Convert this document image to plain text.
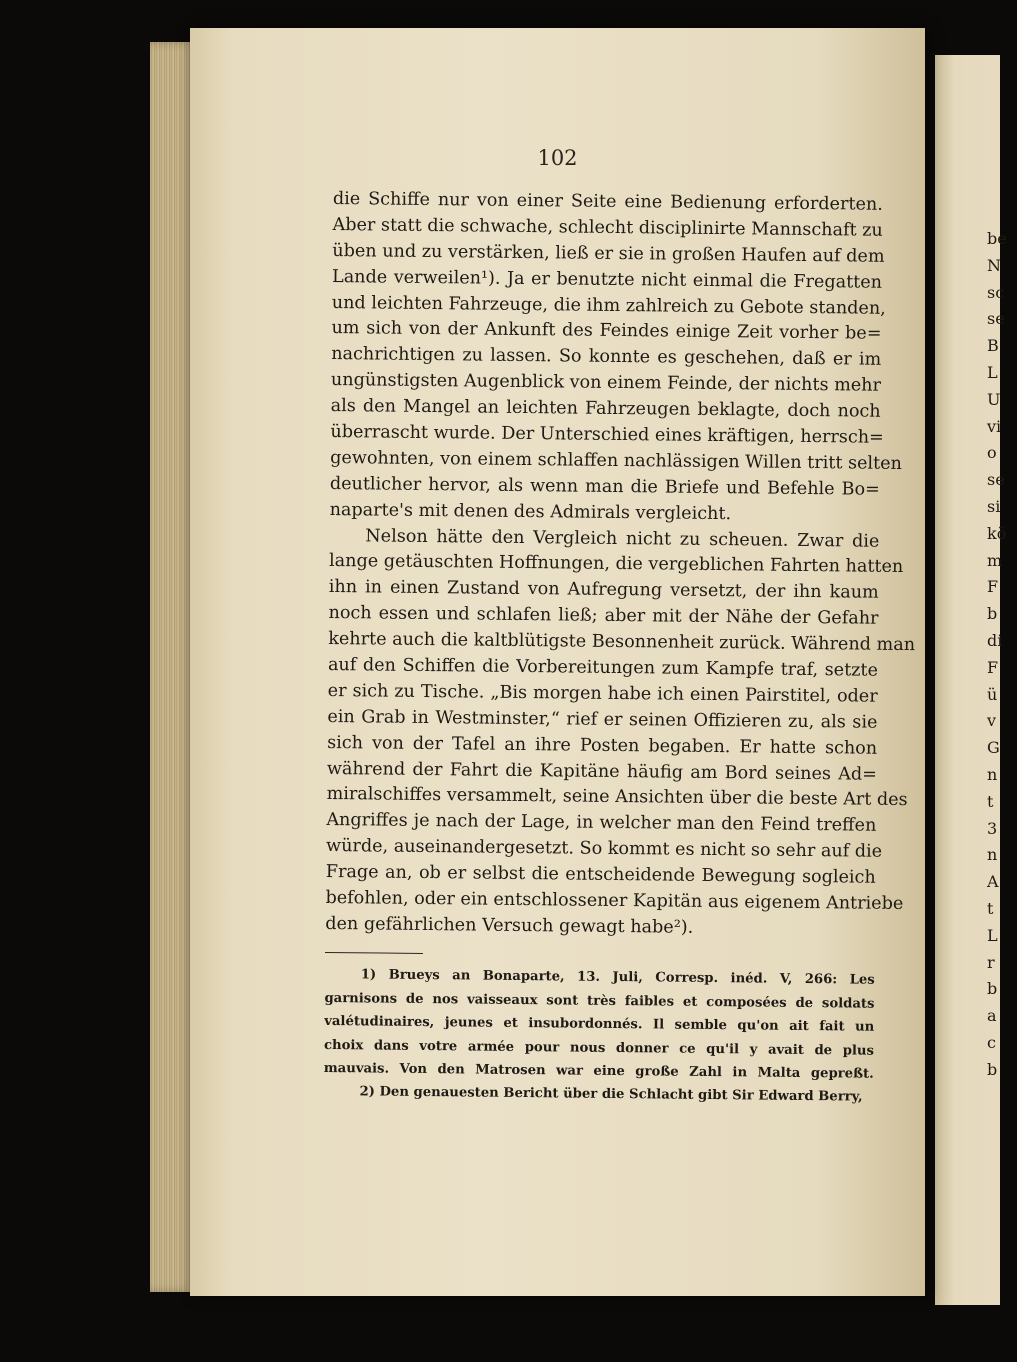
102
die Schiffe nur von einer Seite eine Bedienung erforderten.
Aber statt die schwache, schlecht disciplinirte Mannschaft zu
üben und zu verstärken, ließ er sie in großen Haufen auf dem
Lande verweilen¹). Ja er benutzte nicht einmal die Fregatten
und leichten Fahrzeuge, die ihm zahlreich zu Gebote standen,
um sich von der Ankunft des Feindes einige Zeit vorher be=
nachrichtigen zu lassen. So konnte es geschehen, daß er im
ungünstigsten Augenblick von einem Feinde, der nichts mehr
als den Mangel an leichten Fahrzeugen beklagte, doch noch
überrascht wurde. Der Unterschied eines kräftigen, herrsch=
gewohnten, von einem schlaffen nachlässigen Willen tritt selten
deutlicher hervor, als wenn man die Briefe und Befehle Bo=
naparte's mit denen des Admirals vergleicht.
Nelson hätte den Vergleich nicht zu scheuen. Zwar die
lange getäuschten Hoffnungen, die vergeblichen Fahrten hatten
ihn in einen Zustand von Aufregung versetzt, der ihn kaum
noch essen und schlafen ließ; aber mit der Nähe der Gefahr
kehrte auch die kaltblütigste Besonnenheit zurück. Während man
auf den Schiffen die Vorbereitungen zum Kampfe traf, setzte
er sich zu Tische. „Bis morgen habe ich einen Pairstitel, oder
ein Grab in Westminster,“ rief er seinen Offizieren zu, als sie
sich von der Tafel an ihre Posten begaben. Er hatte schon
während der Fahrt die Kapitäne häufig am Bord seines Ad=
miralschiffes versammelt, seine Ansichten über die beste Art des
Angriffes je nach der Lage, in welcher man den Feind treffen
würde, auseinandergesetzt. So kommt es nicht so sehr auf die
Frage an, ob er selbst die entscheidende Bewegung sogleich
befohlen, oder ein entschlossener Kapitän aus eigenem Antriebe
den gefährlichen Versuch gewagt habe²).
1) Brueys an Bonaparte, 13. Juli, Corresp. inéd. V, 266: Les
garnisons de nos vaisseaux sont très faibles et composées de soldats
valétudinaires, jeunes et insubordonnés. Il semble qu'on ait fait un
choix dans votre armée pour nous donner ce qu'il y avait de plus
mauvais. Von den Matrosen war eine große Zahl in Malta gepreßt.
2) Den genauesten Bericht über die Schlacht gibt Sir Edward Berry,
be
N
sc
se
B
L
U
vi
o
se
si
kö
m
F
b
di
F
ü
v
G
n
t
3
n
A
t
L
r
b
a
c
b
